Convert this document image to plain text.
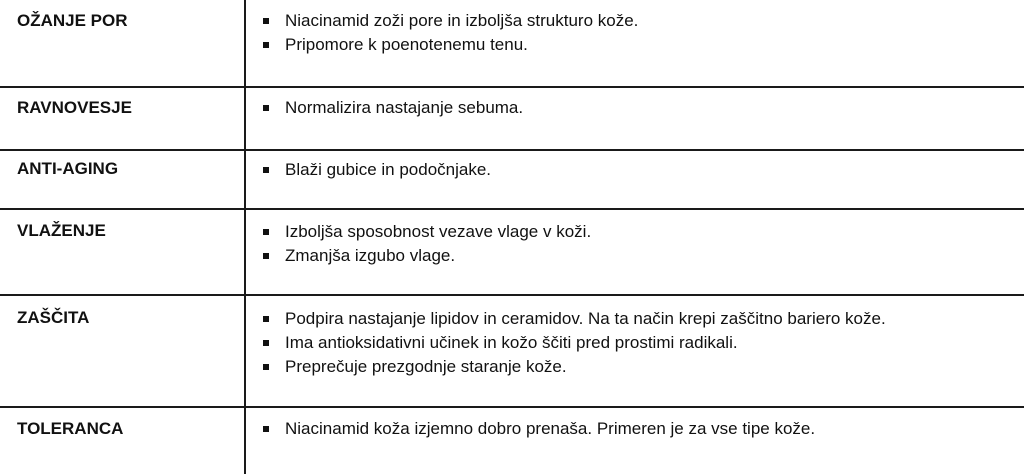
OŽANJE POR	Niacinamid zoži pore in izboljša strukturo kože.
Pripomore k poenotenemu tenu.
RAVNOVESJE	Normalizira nastajanje sebuma.
ANTI-AGING	Blaži gubice in podočnjake.
VLAŽENJE	Izboljša sposobnost vezave vlage v koži.
Zmanjša izgubo vlage.
ZAŠČITA	Podpira nastajanje lipidov in ceramidov. Na ta način krepi zaščitno bariero kože.
Ima antioksidativni učinek in kožo ščiti pred prostimi radikali.
Preprečuje prezgodnje staranje kože.
TOLERANCA	Niacinamid koža izjemno dobro prenaša. Primeren je za vse tipe kože.
